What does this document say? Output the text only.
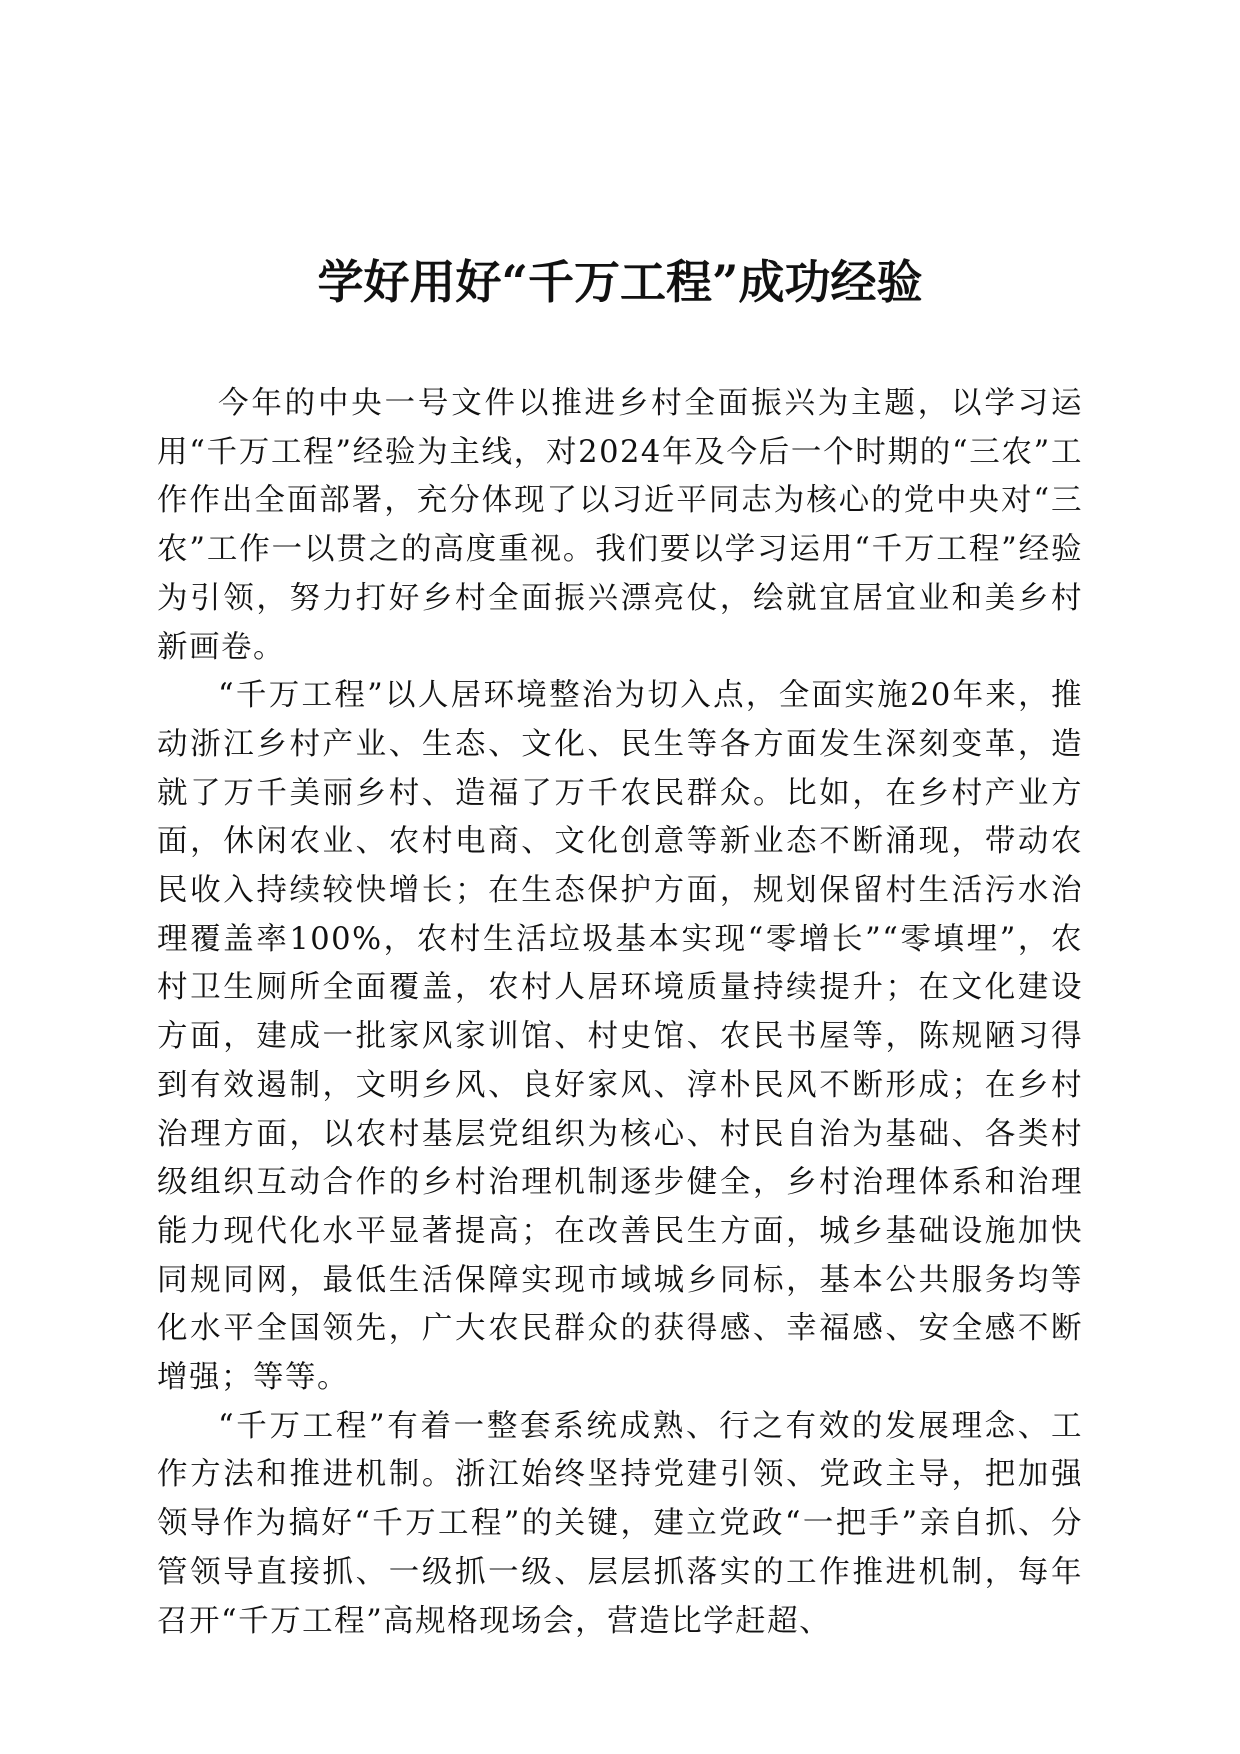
学好用好“千万工程”成功经验

今年的中央一号文件以推进乡村全面振兴为主题，以学习运用“千万工程”经验为主线，对2024年及今后一个时期的“三农”工作作出全面部署，充分体现了以习近平同志为核心的党中央对“三农”工作一以贯之的高度重视。我们要以学习运用“千万工程”经验为引领，努力打好乡村全面振兴漂亮仗，绘就宜居宜业和美乡村新画卷。

“千万工程”以人居环境整治为切入点，全面实施20年来，推动浙江乡村产业、生态、文化、民生等各方面发生深刻变革，造就了万千美丽乡村、造福了万千农民群众。比如，在乡村产业方面，休闲农业、农村电商、文化创意等新业态不断涌现，带动农民收入持续较快增长；在生态保护方面，规划保留村生活污水治理覆盖率100%，农村生活垃圾基本实现“零增长”“零填埋”，农村卫生厕所全面覆盖，农村人居环境质量持续提升；在文化建设方面，建成一批家风家训馆、村史馆、农民书屋等，陈规陋习得到有效遏制，文明乡风、良好家风、淳朴民风不断形成；在乡村治理方面，以农村基层党组织为核心、村民自治为基础、各类村级组织互动合作的乡村治理机制逐步健全，乡村治理体系和治理能力现代化水平显著提高；在改善民生方面，城乡基础设施加快同规同网，最低生活保障实现市域城乡同标，基本公共服务均等化水平全国领先，广大农民群众的获得感、幸福感、安全感不断增强；等等。

“千万工程”有着一整套系统成熟、行之有效的发展理念、工作方法和推进机制。浙江始终坚持党建引领、党政主导，把加强领导作为搞好“千万工程”的关键，建立党政“一把手”亲自抓、分管领导直接抓、一级抓一级、层层抓落实的工作推进机制，每年召开“千万工程”高规格现场会，营造比学赶超、
